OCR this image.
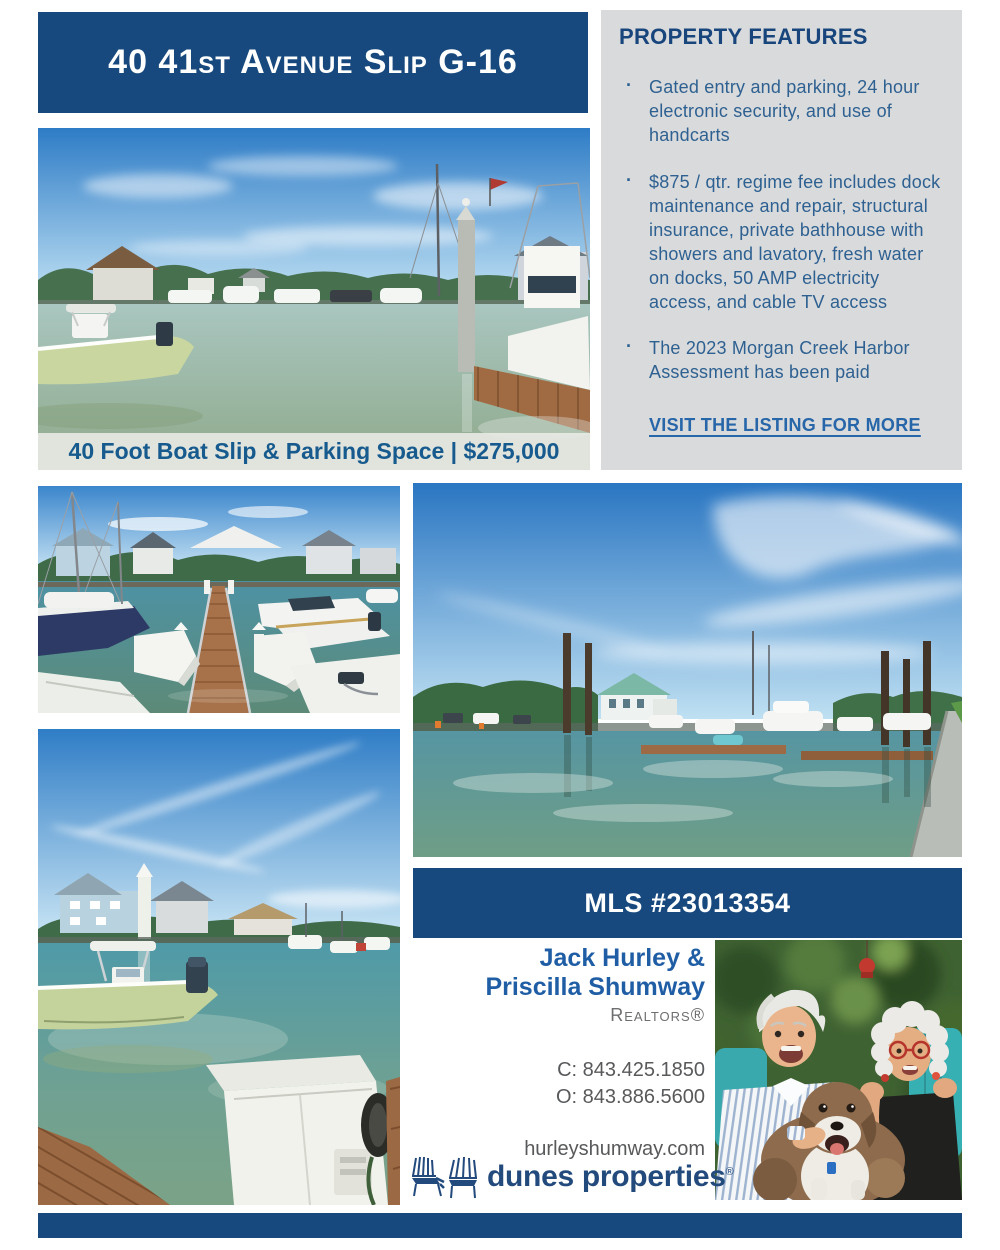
40 41st Avenue Slip G-16
40 Foot Boat Slip & Parking Space | $275,000
PROPERTY FEATURES
· Gated entry and parking, 24 hour electronic security, and use of handcarts
· $875 / qtr. regime fee includes dock maintenance and repair, structural insurance, private bathhouse with showers and lavatory, fresh water on docks, 50 AMP electricity access, and cable TV access
· The 2023 Morgan Creek Harbor Assessment has been paid
VISIT THE LISTING FOR MORE
MLS #23013354
Jack Hurley &
Priscilla Shumway
Realtors®
C: 843.425.1850
O: 843.886.5600
hurleyshumway.com
dunes properties®
